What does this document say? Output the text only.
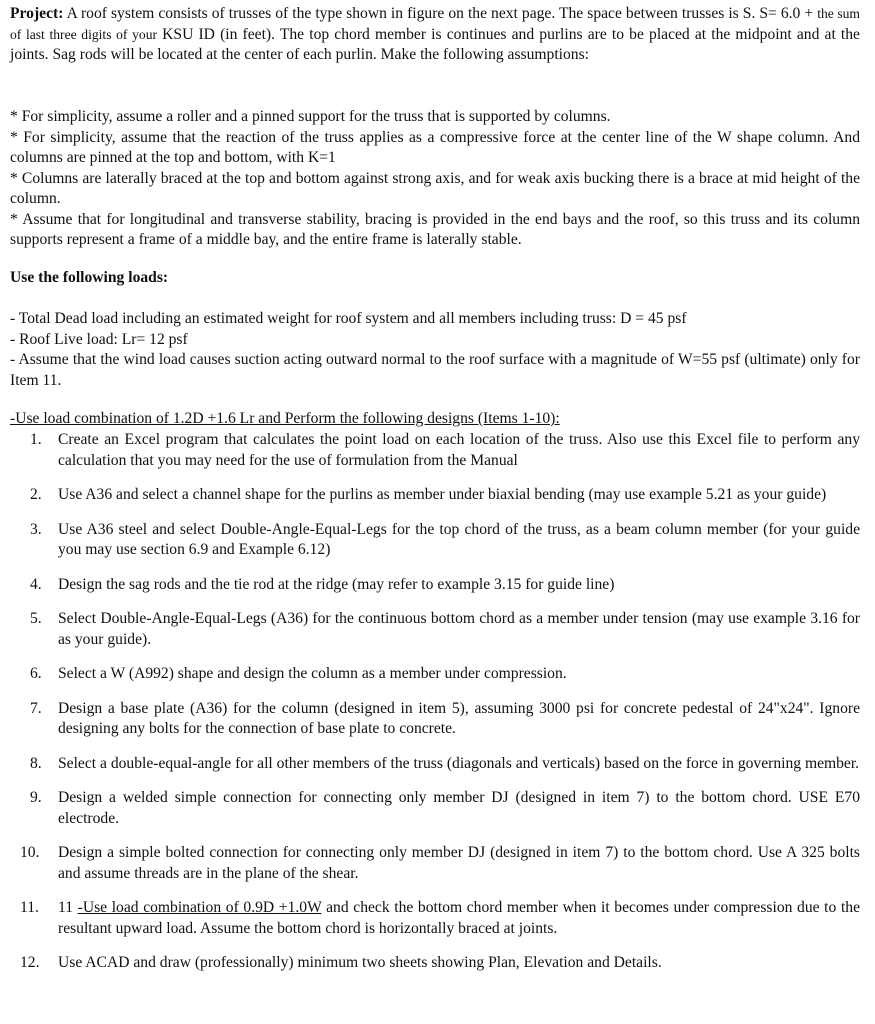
Project: A roof system consists of trusses of the type shown in figure on the next page. The space between trusses is S. S= 6.0 + the sum of last three digits of your KSU ID (in feet). The top chord member is continues and purlins are to be placed at the midpoint and at the joints. Sag rods will be located at the center of each purlin. Make the following assumptions:

* For simplicity, assume a roller and a pinned support for the truss that is supported by columns.

* For simplicity, assume that the reaction of the truss applies as a compressive force at the center line of the W shape column. And columns are pinned at the top and bottom, with K=1

* Columns are laterally braced at the top and bottom against strong axis, and for weak axis bucking there is a brace at mid height of the column.

* Assume that for longitudinal and transverse stability, bracing is provided in the end bays and the roof, so this truss and its column supports represent a frame of a middle bay, and the entire frame is laterally stable.

Use the following loads:

- Total Dead load including an estimated weight for roof system and all members including truss: D = 45 psf

- Roof Live load: Lr= 12 psf

- Assume that the wind load causes suction acting outward normal to the roof surface with a magnitude of W=55 psf (ultimate) only for Item 11.

-Use load combination of 1.2D +1.6 Lr and Perform the following designs (Items 1-10):

1. Create an Excel program that calculates the point load on each location of the truss. Also use this Excel file to perform any calculation that you may need for the use of formulation from the Manual
2. Use A36 and select a channel shape for the purlins as member under biaxial bending (may use example 5.21 as your guide)
3. Use A36 steel and select Double-Angle-Equal-Legs for the top chord of the truss, as a beam column member (for your guide you may use section 6.9 and Example 6.12)
4. Design the sag rods and the tie rod at the ridge (may refer to example 3.15 for guide line)
5. Select Double-Angle-Equal-Legs (A36) for the continuous bottom chord as a member under tension (may use example 3.16 for as your guide).
6. Select a W (A992) shape and design the column as a member under compression.
7. Design a base plate (A36) for the column (designed in item 5), assuming 3000 psi for concrete pedestal of 24"x24". Ignore designing any bolts for the connection of base plate to concrete.
8. Select a double-equal-angle for all other members of the truss (diagonals and verticals) based on the force in governing member.
9. Design a welded simple connection for connecting only member DJ (designed in item 7) to the bottom chord. USE E70 electrode.
10. Design a simple bolted connection for connecting only member DJ (designed in item 7) to the bottom chord. Use A 325 bolts and assume threads are in the plane of the shear.
11. 11 -Use load combination of 0.9D +1.0W and check the bottom chord member when it becomes under compression due to the resultant upward load. Assume the bottom chord is horizontally braced at joints.
12. Use ACAD and draw (professionally) minimum two sheets showing Plan, Elevation and Details.
